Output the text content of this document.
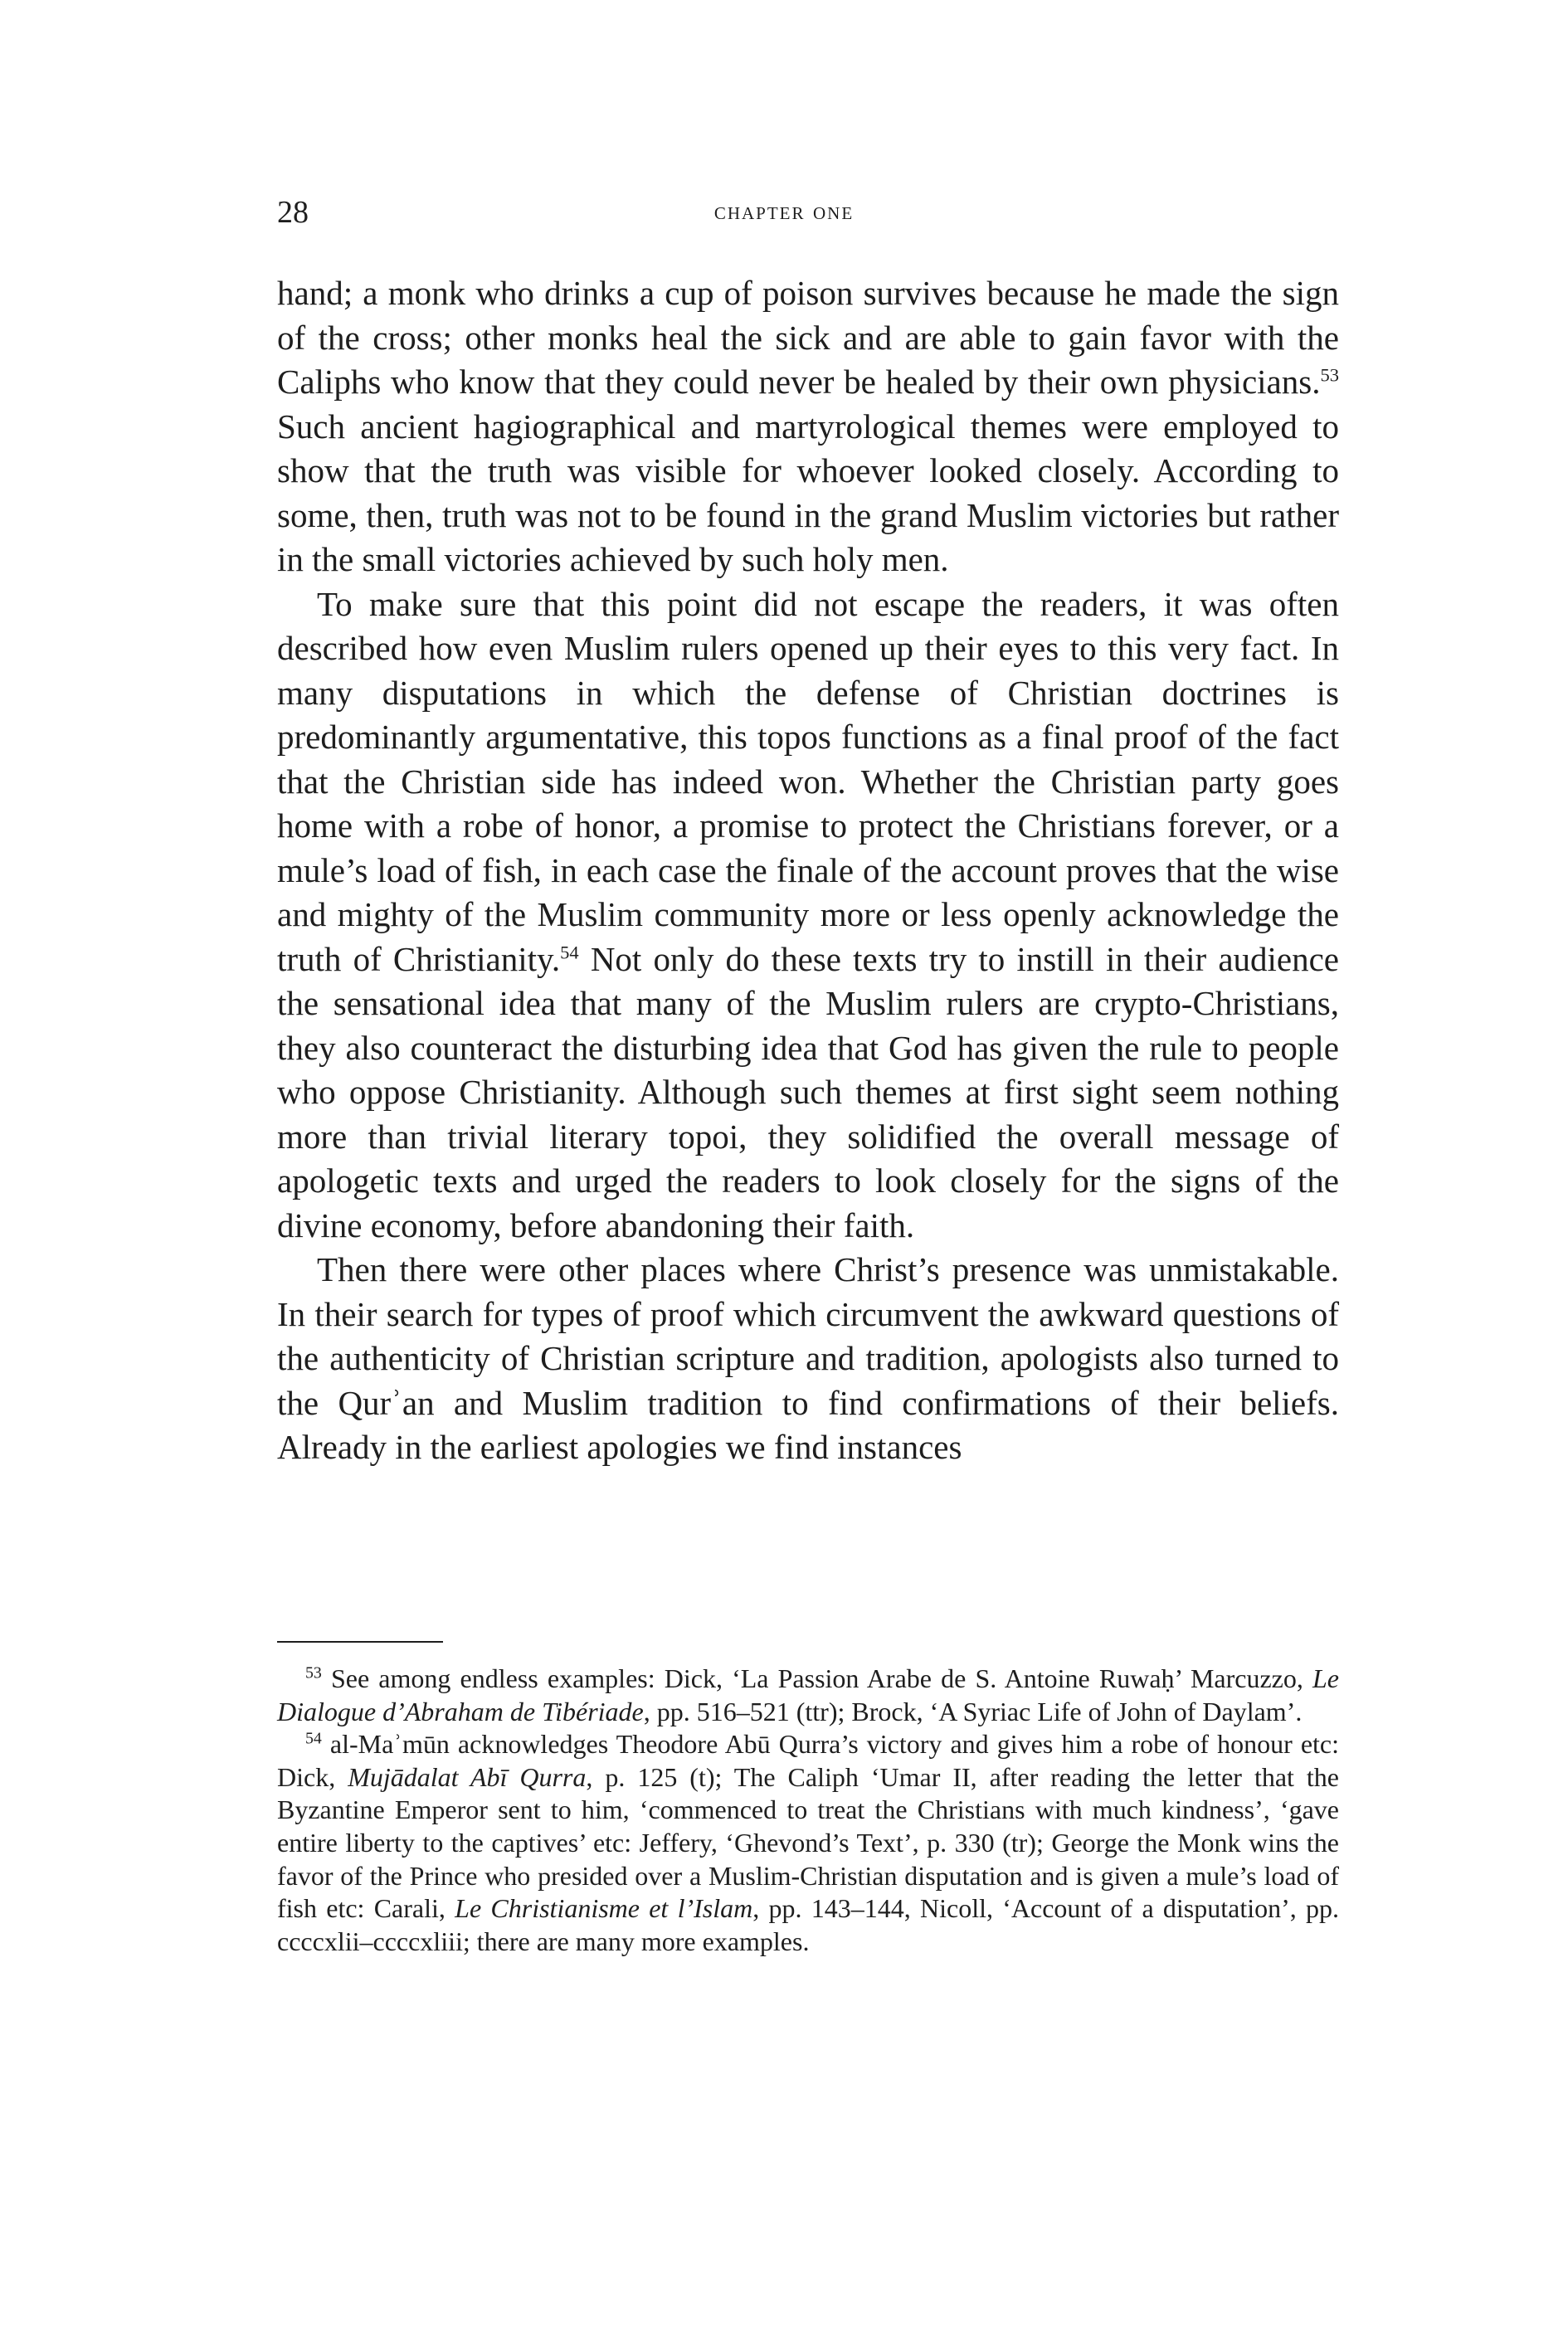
28	chapter one

hand; a monk who drinks a cup of poison survives because he made the sign of the cross; other monks heal the sick and are able to gain favor with the Caliphs who know that they could never be healed by their own physicians.$^{53}$ Such ancient hagiographical and martyrological themes were employed to show that the truth was visible for whoever looked closely. According to some, then, truth was not to be found in the grand Muslim victories but rather in the small victories achieved by such holy men.

To make sure that this point did not escape the readers, it was often described how even Muslim rulers opened up their eyes to this very fact. In many disputations in which the defense of Christian doctrines is predominantly argumentative, this topos functions as a final proof of the fact that the Christian side has indeed won. Whether the Christian party goes home with a robe of honor, a promise to protect the Christians forever, or a mule’s load of fish, in each case the finale of the account proves that the wise and mighty of the Muslim community more or less openly acknowledge the truth of Christianity.$^{54}$ Not only do these texts try to instill in their audience the sensational idea that many of the Muslim rulers are crypto-Christians, they also counteract the disturbing idea that God has given the rule to people who oppose Christianity. Although such themes at first sight seem nothing more than trivial literary topoi, they solidified the overall message of apologetic texts and urged the readers to look closely for the signs of the divine economy, before abandoning their faith.

Then there were other places where Christ’s presence was unmistakable. In their search for types of proof which circumvent the awkward questions of the authenticity of Christian scripture and tradition, apologists also turned to the Qurʾan and Muslim tradition to find confirmations of their beliefs. Already in the earliest apologies we find instances

$^{53}$ See among endless examples: Dick, ‘La Passion Arabe de S. Antoine Ruwaḥ’ Marcuzzo, Le Dialogue d’Abraham de Tibériade, pp. 516–521 (ttr); Brock, ‘A Syriac Life of John of Daylam’.

$^{54}$ al-Maʾmūn acknowledges Theodore Abū Qurra’s victory and gives him a robe of honour etc: Dick, Mujādalat Abī Qurra, p. 125 (t); The Caliph ‘Umar II, after reading the letter that the Byzantine Emperor sent to him, ‘commenced to treat the Christians with much kindness’, ‘gave entire liberty to the captives’ etc: Jeffery, ‘Ghevond’s Text’, p. 330 (tr); George the Monk wins the favor of the Prince who presided over a Muslim-Christian disputation and is given a mule’s load of fish etc: Carali, Le Christianisme et l’Islam, pp. 143–144, Nicoll, ‘Account of a disputation’, pp. ccccxlii–ccccxliii; there are many more examples.
